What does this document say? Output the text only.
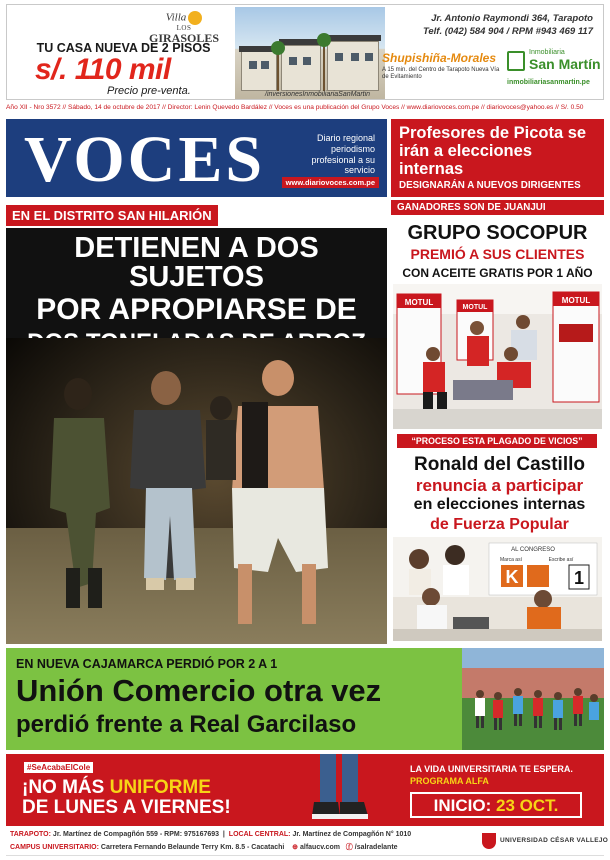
Villa
LOS
GIRASOLES
TU CASA NUEVA DE 2 PISOS
s/. 110 mil
Precio pre-venta.	/inversionesInmobiliariaSanMartin
Jr. Antonio Raymondi 364, Tarapoto
Telf. (042) 584 904 / RPM #943 469 117
Shupishiña-Morales
A 15 min. del Centro de Tarapoto Nueva Vía de Evitamiento
Inmobiliaria
San Martín
inmobiliariasanmartin.pe
Año XII - Nro 3572 // Sábado, 14 de octubre de 2017 // Director: Lenin Quevedo Bardález // Voces es una publicación del Grupo Voces // www.diariovoces.com.pe // diariovoces@yahoo.es // S/. 0.50
VOCES	Diario regional periodismo profesional a su servicio
www.diariovoces.com.pe
Profesores de Picota se irán a elecciones internas
DESIGNARÁN A NUEVOS DIRIGENTES
EN EL DISTRITO SAN HILARIÓN
DETIENEN A DOS SUJETOS
POR APROPIARSE DE
GANADORES SON DE JUANJUI
GRUPO SOCOPUR
PREMIÓ A SUS CLIENTES
CON ACEITE GRATIS POR 1 AÑO
MOTUL
MOTUL
MOTUL
“PROCESO ESTA PLAGADO DE VICIOS”
Ronald del Castillo
renuncia a participar
en elecciones internas
de Fuerza Popular
AL CONGRESO
Marca así	Escribe así
K	1
EN NUEVA CAJAMARCA PERDIÓ POR 2 A 1
Unión Comercio otra vez
perdió frente a Real Garcilaso
#SeAcabaElCole
¡NO MÁS UNIFORME
DE LUNES A VIERNES!
LA VIDA UNIVERSITARIA TE ESPERA.
PROGRAMA ALFA
INICIO: 23 OCT.
TARAPOTO: Jr. Martínez de Compagñón 559 - RPM: 975167693  |  LOCAL CENTRAL: Jr. Martínez de Compagñón N° 1010
CAMPUS UNIVERSITARIO: Carretera Fernando Belaunde Terry Km. 8.5 - Cacatachi ⊕ alfaucv.com ⓕ /salradelante
UNIVERSIDAD CÉSAR VALLEJO
